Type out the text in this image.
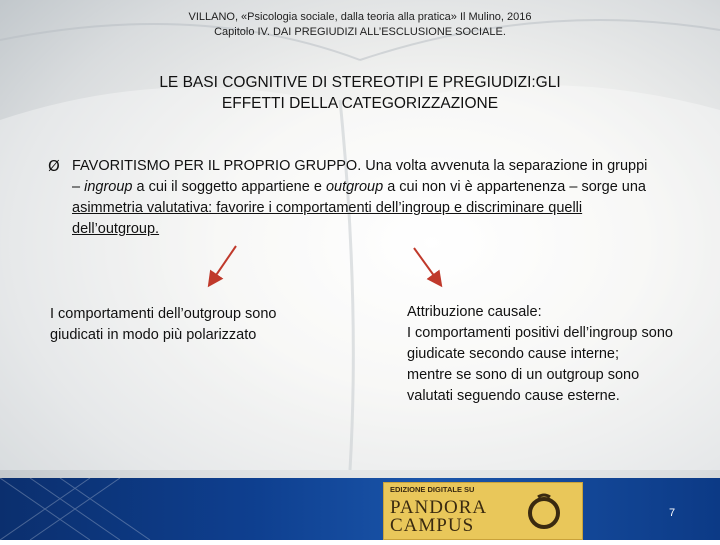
VILLANO, «Psicologia sociale, dalla teoria alla pratica» Il Mulino, 2016
Capitolo IV. DAI PREGIUDIZI ALL’ESCLUSIONE SOCIALE.
LE BASI COGNITIVE DI STEREOTIPI E PREGIUDIZI:GLI
EFFETTI DELLA CATEGORIZZAZIONE
Ø FAVORITISMO PER IL PROPRIO GRUPPO. Una volta avvenuta la separazione in gruppi – ingroup a cui il soggetto appartiene e outgroup a cui non vi è appartenenza – sorge una asimmetria valutativa: favorire i comportamenti dell’ingroup e discriminare quelli dell’outgroup.
I comportamenti dell’outgroup sono giudicati in modo più polarizzato
Attribuzione causale:
I comportamenti positivi dell’ingroup sono giudicate secondo cause interne;
mentre se sono di un outgroup sono valutati seguendo cause esterne.
EDIZIONE DIGITALE SU
PANDORA
CAMPUS
7
